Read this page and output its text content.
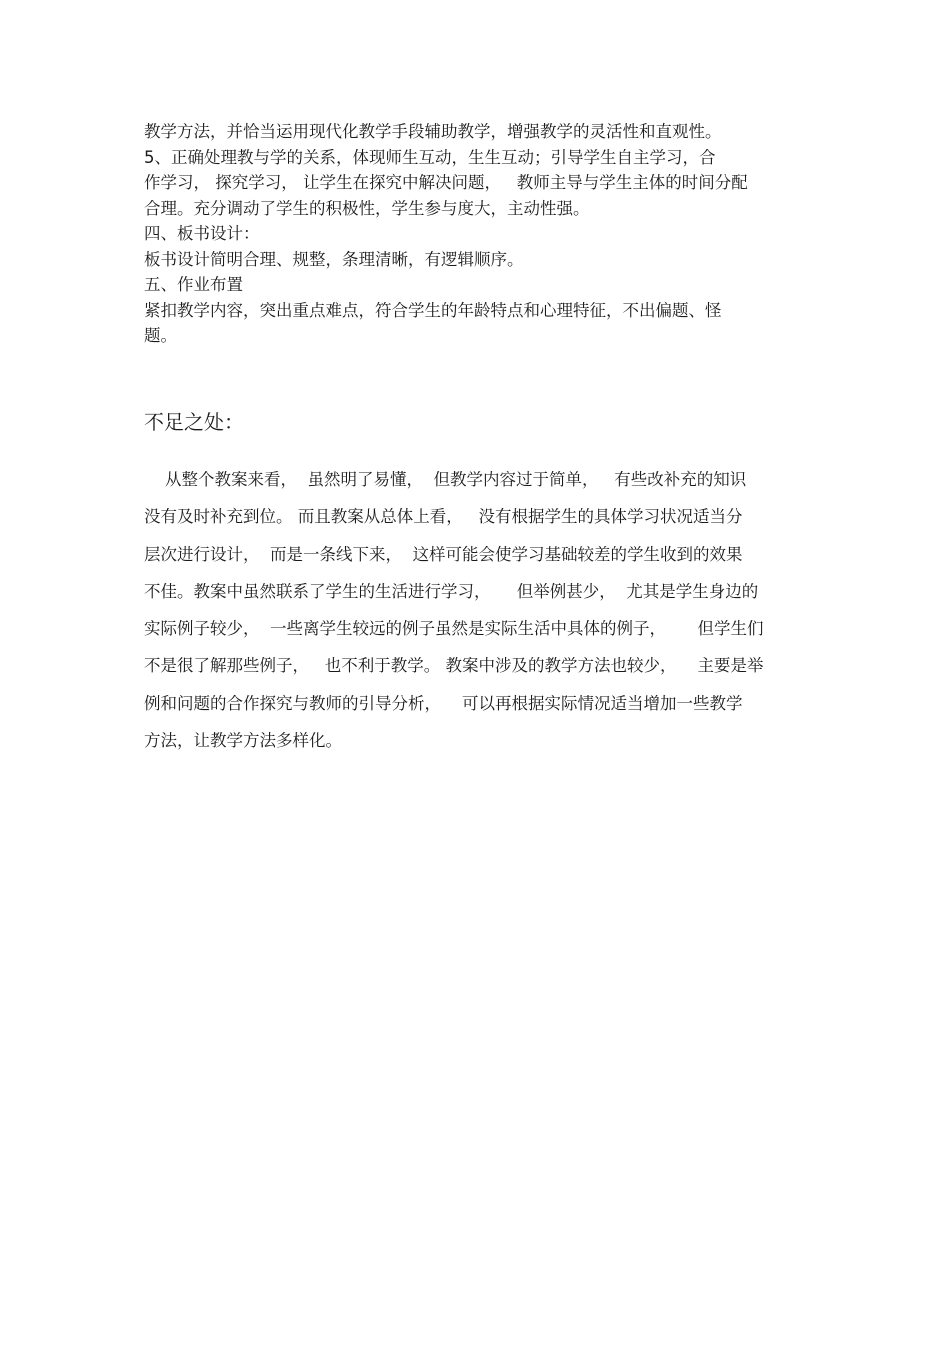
教学方法，并恰当运用现代化教学手段辅助教学，增强教学的灵活性和直观性。
5、正确处理教与学的关系，体现师生互动，生生互动；引导学生自主学习，合
作学习， 探究学习， 让学生在探究中解决问题，   教师主导与学生主体的时间分配
合理。充分调动了学生的积极性，学生参与度大，主动性强。
四、板书设计：
板书设计简明合理、规整，条理清晰，有逻辑顺序。
五、作业布置
紧扣教学内容，突出重点难点，符合学生的年龄特点和心理特征，不出偏题、怪
题。
不足之处：
从整个教案来看，  虽然明了易懂，  但教学内容过于简单，   有些改补充的知识
没有及时补充到位。 而且教案从总体上看，   没有根据学生的具体学习状况适当分
层次进行设计，  而是一条线下来，  这样可能会使学习基础较差的学生收到的效果
不佳。教案中虽然联系了学生的生活进行学习，     但举例甚少，  尤其是学生身边的
实际例子较少，  一些离学生较远的例子虽然是实际生活中具体的例子，      但学生们
不是很了解那些例子，   也不利于教学。 教案中涉及的教学方法也较少，    主要是举
例和问题的合作探究与教师的引导分析，    可以再根据实际情况适当增加一些教学
方法，让教学方法多样化。
